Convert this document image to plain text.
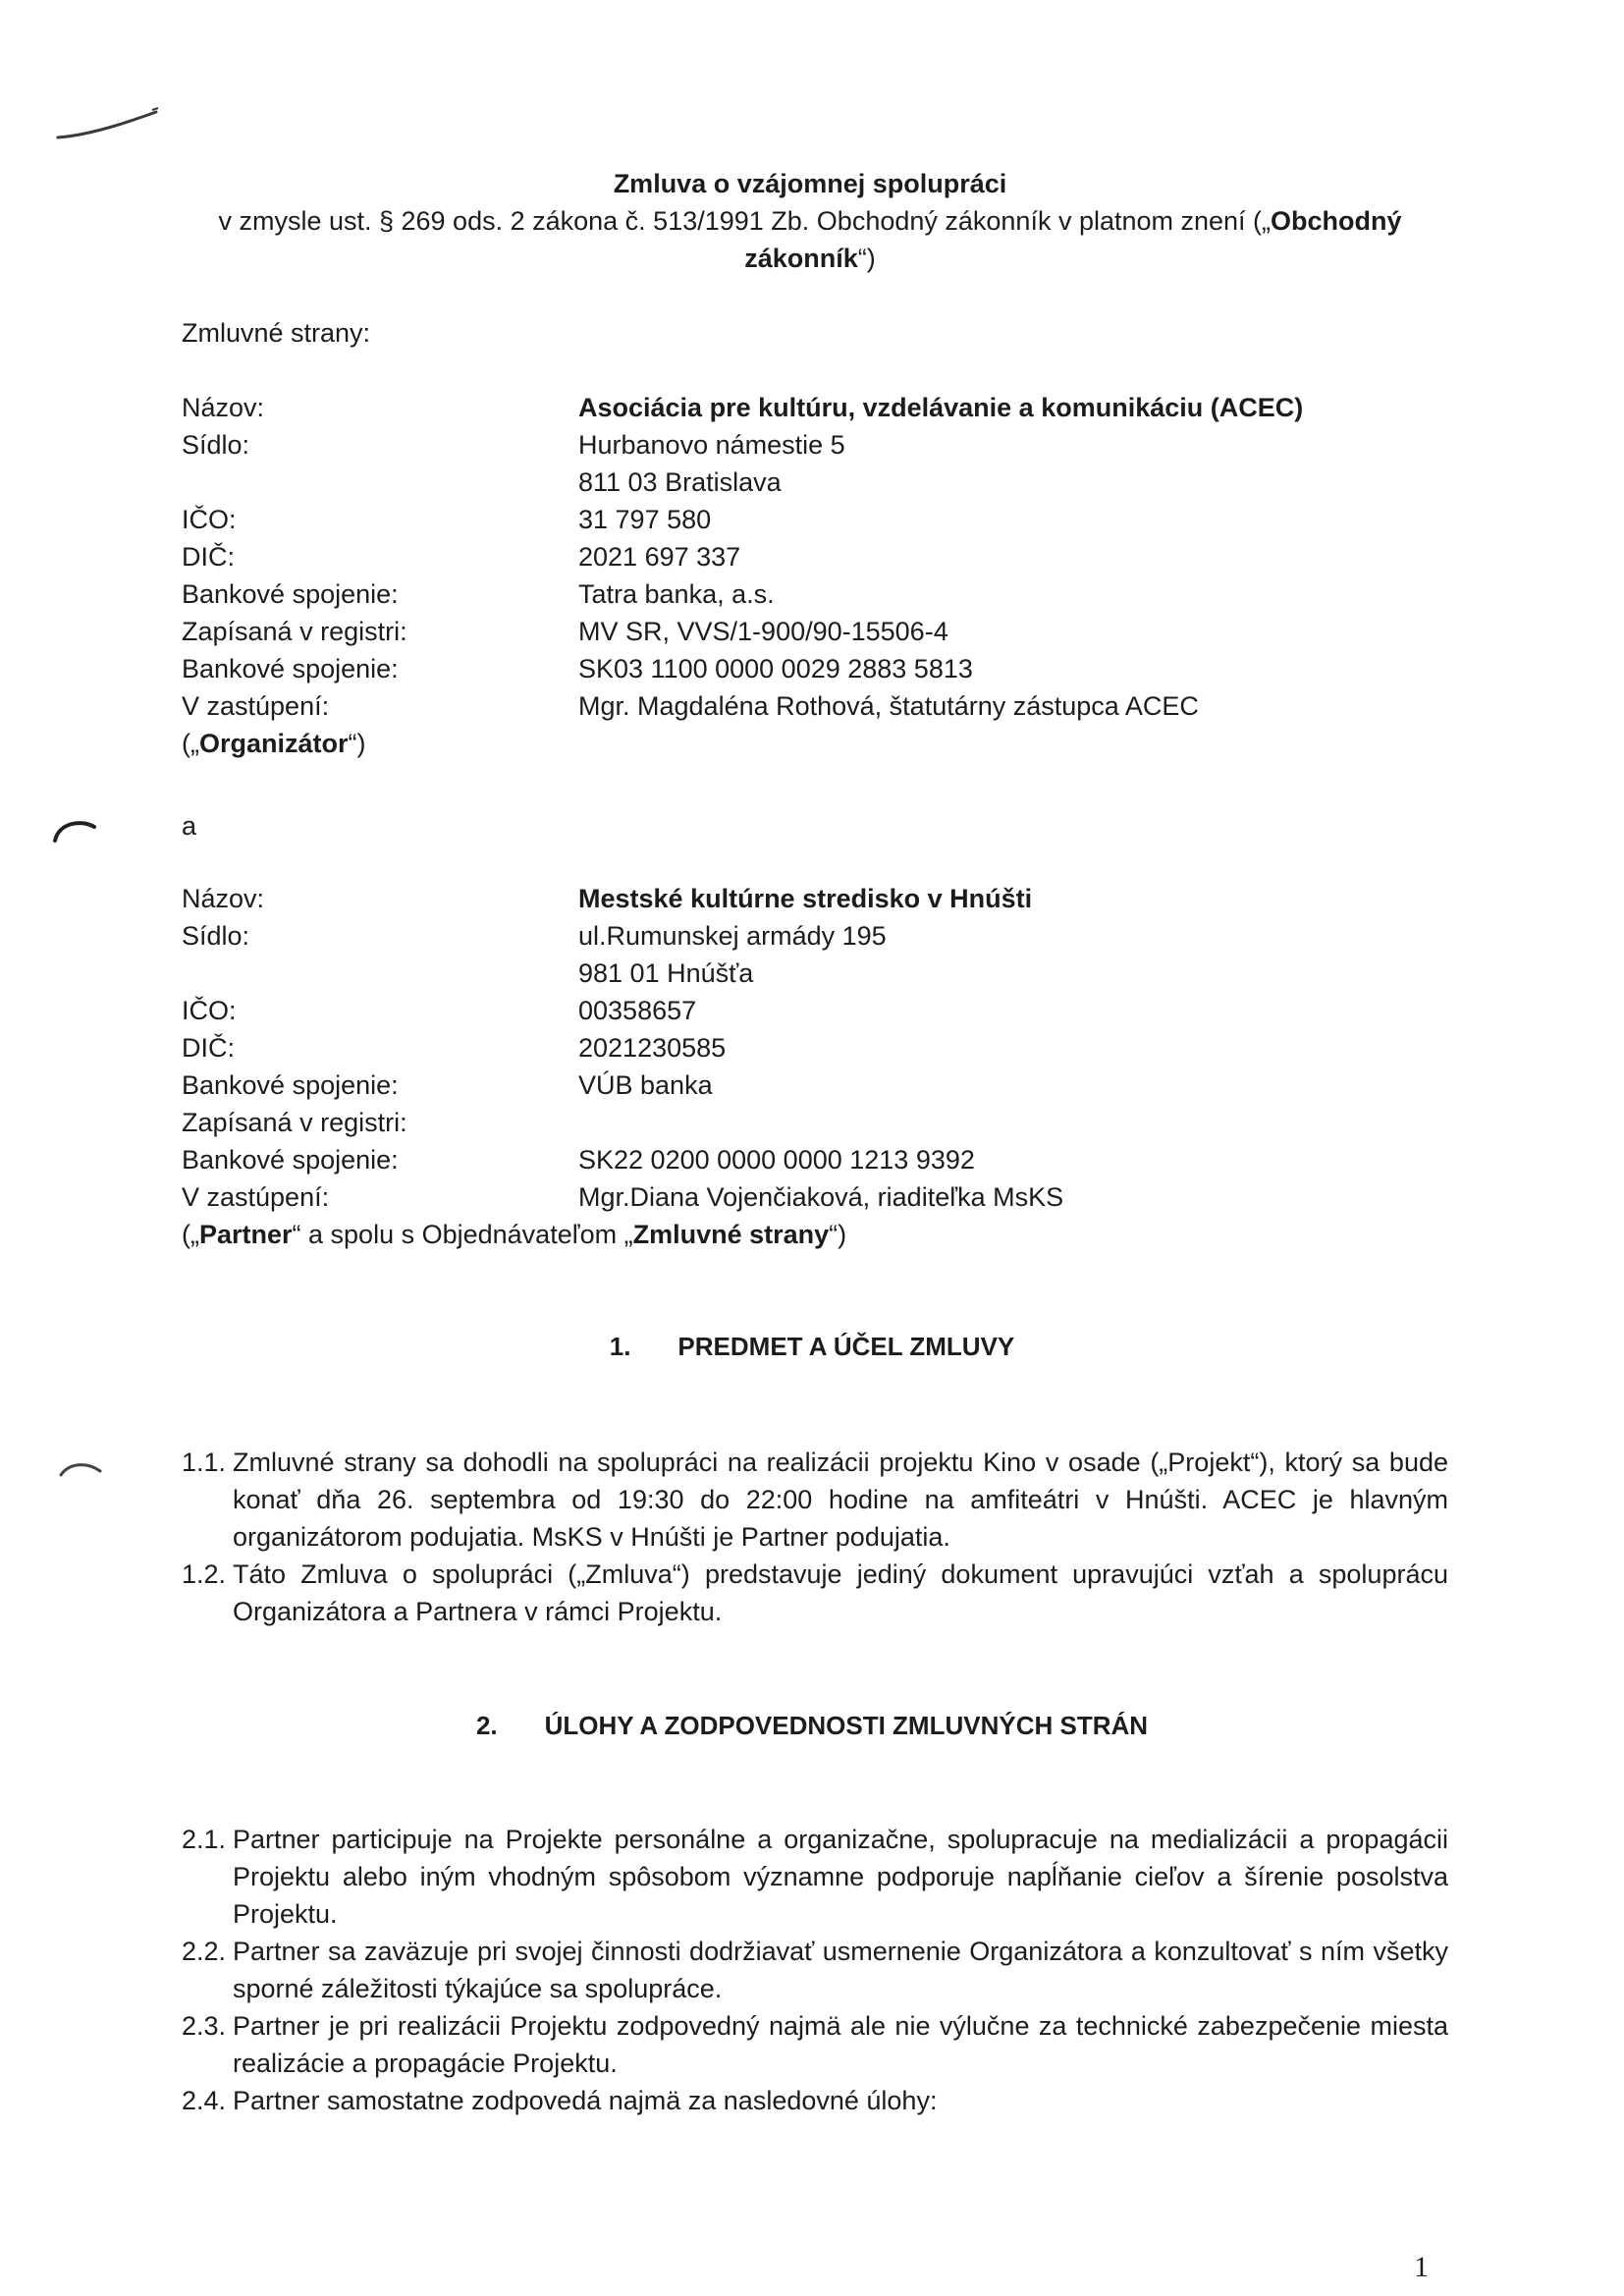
Zmluva o vzájomnej spolupráci
v zmysle ust. § 269 ods. 2 zákona č. 513/1991 Zb. Obchodný zákonník v platnom znení („Obchodný
zákonník“)
Zmluvné strany:
Názov:	Asociácia pre kultúru, vzdelávanie a komunikáciu (ACEC)
Sídlo:	Hurbanovo námestie 5
811 03 Bratislava
IČO:	31 797 580
DIČ:	2021 697 337
Bankové spojenie:	Tatra banka, a.s.
Zapísaná v registri:	MV SR, VVS/1-900/90-15506-4
Bankové spojenie:	SK03 1100 0000 0029 2883 5813
V zastúpení:	Mgr. Magdaléna Rothová, štatutárny zástupca ACEC
(„ Organizátor “)
a
Názov:	Mestské kultúrne stredisko v Hnúšti
Sídlo:	ul.Rumunskej armády 195
981 01 Hnúšťa
IČO:	00358657
DIČ:	2021230585
Bankové spojenie:	VÚB banka
Zapísaná v registri:
Bankové spojenie:	SK22 0200 0000 0000 1213 9392
V zastúpení:	Mgr.Diana Vojenčiaková, riaditeľka MsKS
(„ Partner “ a spolu s Objednávateľom „ Zmluvné strany “)
1. PREDMET A ÚČEL ZMLUVY
1.1. Zmluvné strany sa dohodli na spolupráci na realizácii projektu Kino v osade („Projekt“), ktorý sa bude konať dňa 26. septembra od 19:30 do 22:00 hodine na amfiteátri v Hnúšti. ACEC je hlavným organizátorom podujatia. MsKS v Hnúšti je Partner podujatia.
1.2. Táto Zmluva o spolupráci („Zmluva“) predstavuje jediný dokument upravujúci vzťah a spoluprácu Organizátora a Partnera v rámci Projektu.
2. ÚLOHY A ZODPOVEDNOSTI ZMLUVNÝCH STRÁN
2.1. Partner participuje na Projekte personálne a organizačne, spolupracuje na medializácii a propagácii Projektu alebo iným vhodným spôsobom významne podporuje napĺňanie cieľov a šírenie posolstva Projektu.
2.2. Partner sa zaväzuje pri svojej činnosti dodržiavať usmernenie Organizátora a konzultovať s ním všetky sporné záležitosti týkajúce sa spolupráce.
2.3. Partner je pri realizácii Projektu zodpovedný najmä ale nie výlučne za technické zabezpečenie miesta realizácie a propagácie Projektu.
2.4. Partner samostatne zodpovedá najmä za nasledovné úlohy:
1
